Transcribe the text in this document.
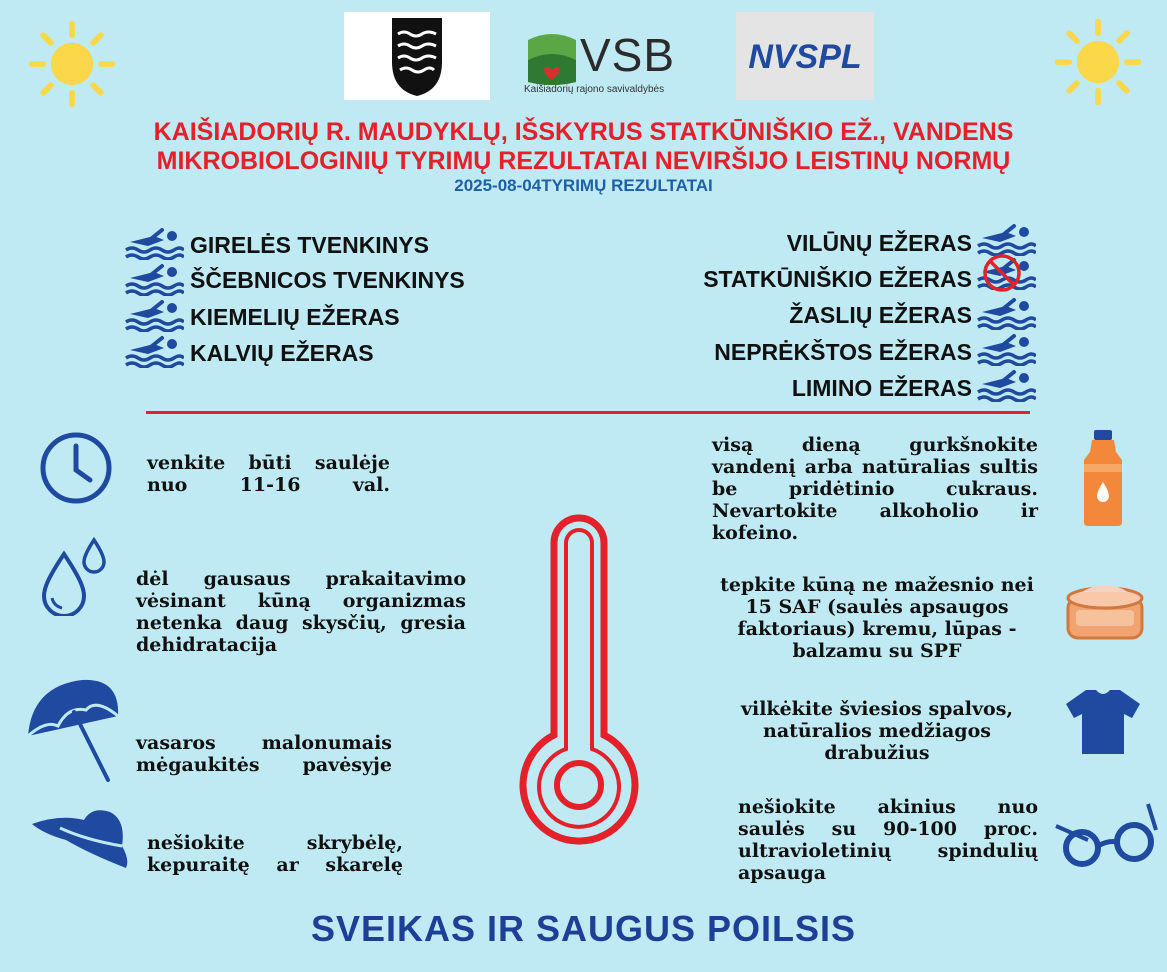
VSB
Kaišiadorių rajono savivaldybės
NVSPL
KAIŠIADORIŲ R. MAUDYKLŲ, IŠSKYRUS STATKŪNIŠKIO EŽ., VANDENS
MIKROBIOLOGINIŲ TYRIMŲ REZULTATAI NEVIRŠIJO LEISTINŲ NORMŲ
2025-08-04TYRIMŲ REZULTATAI
GIRELĖS TVENKINYS
ŠČEBNICOS TVENKINYS
KIEMELIŲ EŽERAS
KALVIŲ EŽERAS
VILŪNŲ EŽERAS
STATKŪNIŠKIO EŽERAS
ŽASLIŲ EŽERAS
NEPRĖKŠTOS EŽERAS
LIMINO EŽERAS
venkite būti saulėje nuo 11-16 val.
dėl gausaus prakaitavimo vėsinant kūną organizmas netenka daug skysčių, gresia dehidratacija
vasaros malonumais mėgaukitės pavėsyje
nešiokite skrybėlę, kepuraitę ar skarelę
visą dieną gurkšnokite vandenį arba natūralias sultis be pridėtinio cukraus. Nevartokite alkoholio ir kofeino.
tepkite kūną ne mažesnio nei 15 SAF (saulės apsaugos faktoriaus) kremu, lūpas - balzamu su SPF
vilkėkite šviesios spalvos, natūralios medžiagos drabužius
nešiokite akinius nuo saulės su 90-100 proc. ultravioletinių spindulių apsauga
SVEIKAS IR SAUGUS POILSIS
